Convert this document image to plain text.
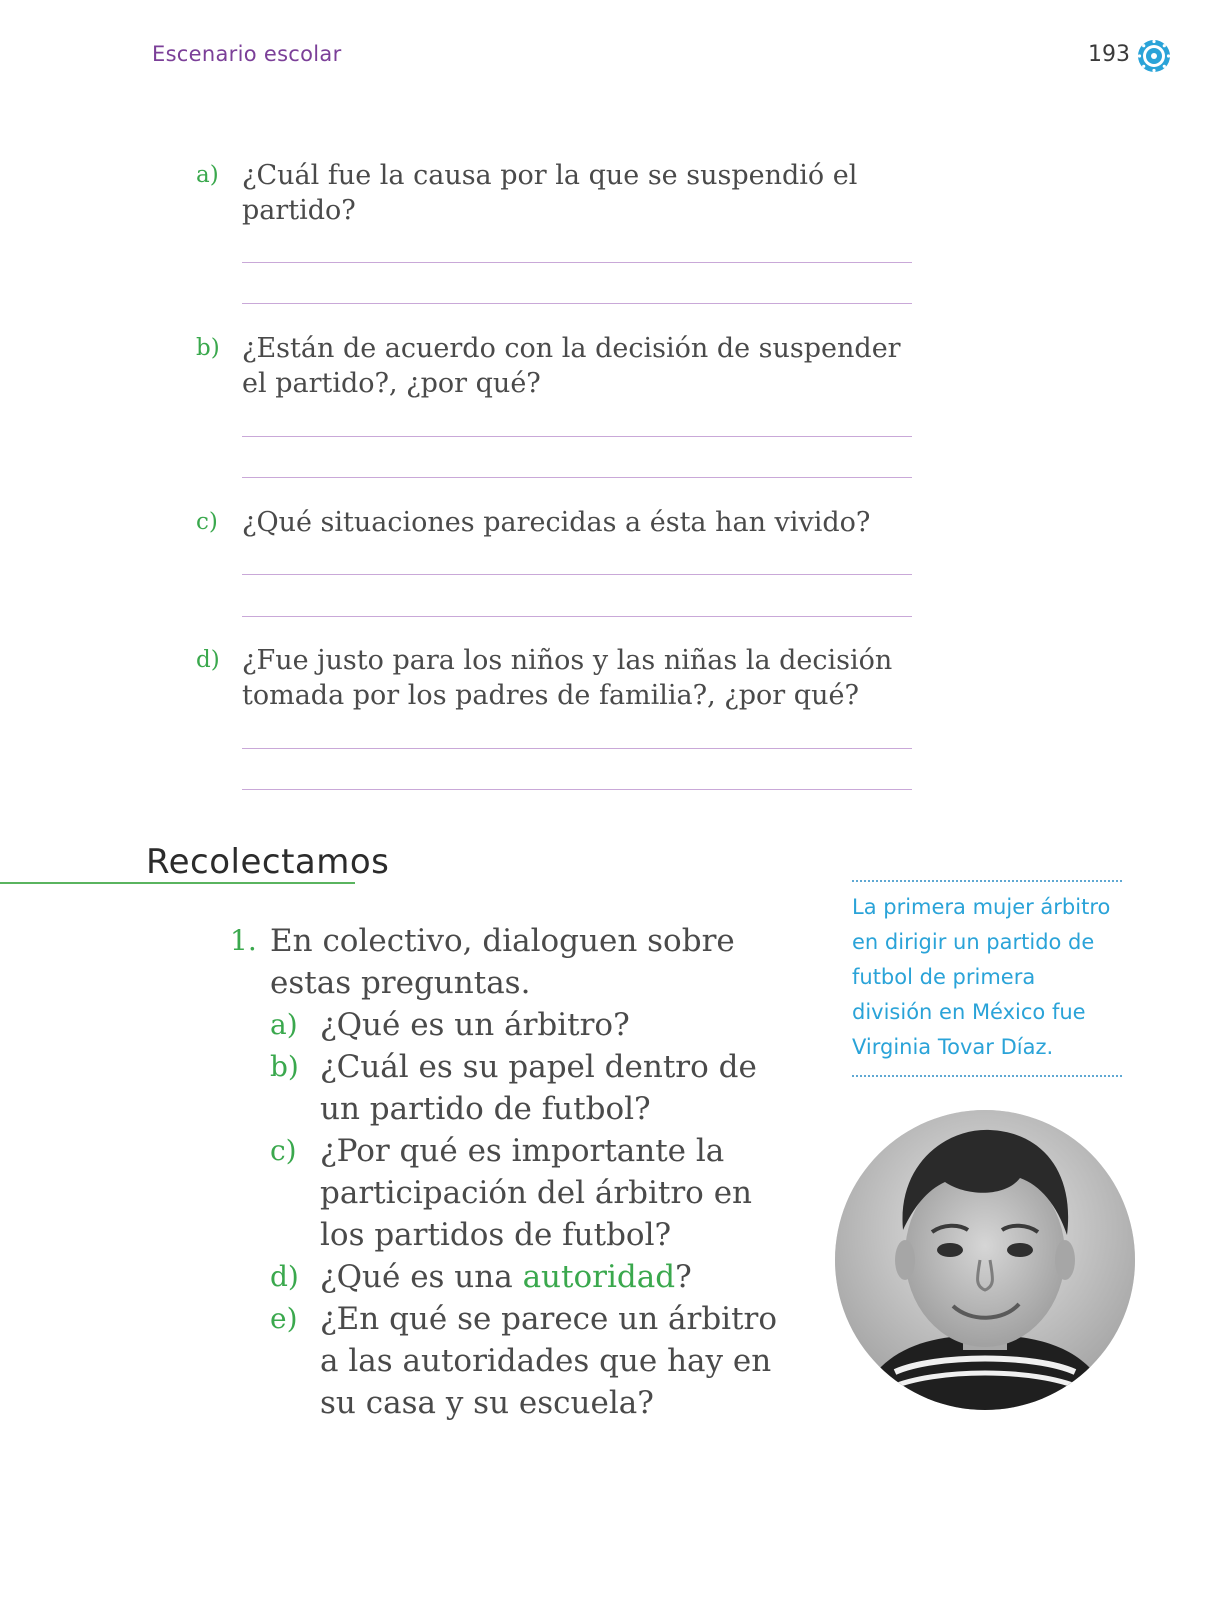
Escenario escolar	193
a) ¿Cuál fue la causa por la que se suspendió el partido?
b) ¿Están de acuerdo con la decisión de suspender el partido?, ¿por qué?
c) ¿Qué situaciones parecidas a ésta han vivido?
d) ¿Fue justo para los niños y las niñas la decisión tomada por los padres de familia?, ¿por qué?
Recolectamos
1. En colectivo, dialoguen sobre estas preguntas.
a) ¿Qué es un árbitro?
b) ¿Cuál es su papel dentro de un partido de futbol?
c) ¿Por qué es importante la participación del árbitro en los partidos de futbol?
d) ¿Qué es una autoridad?
e) ¿En qué se parece un árbitro a las autoridades que hay en su casa y su escuela?
La primera mujer árbitro en dirigir un partido de futbol de primera división en México fue Virginia Tovar Díaz.
